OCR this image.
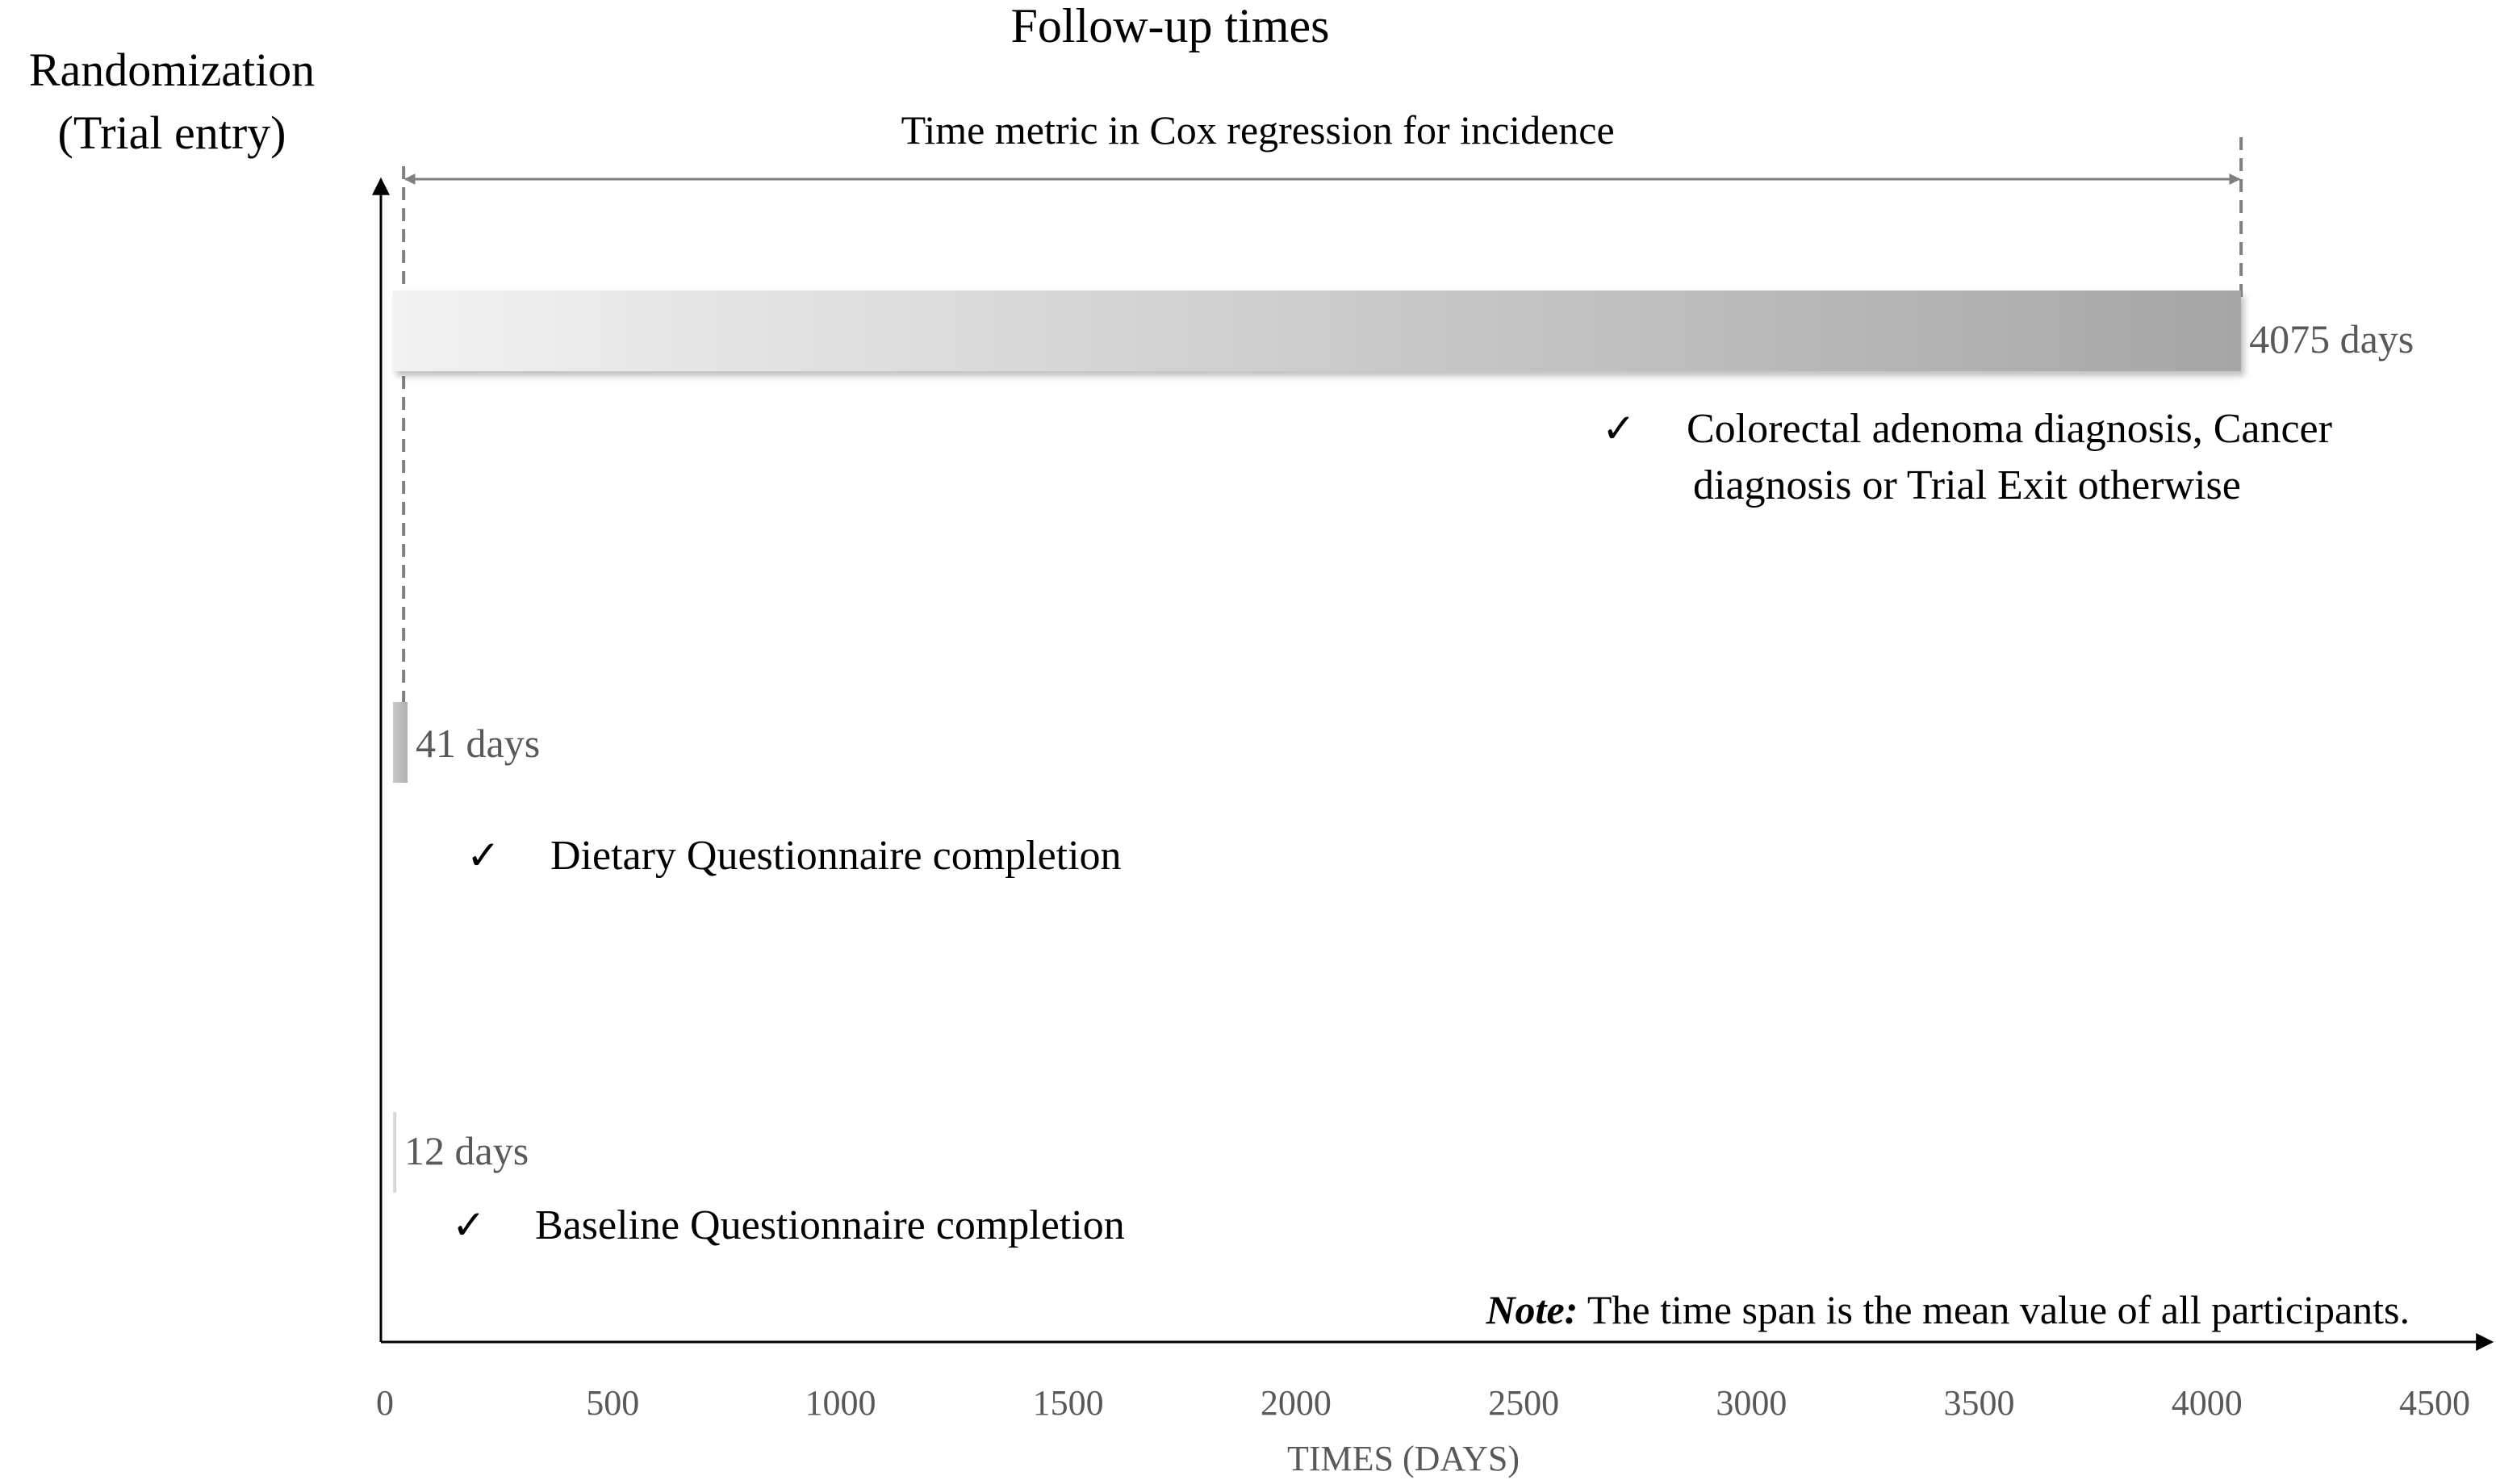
Follow-up times
Randomization
(Trial entry)
0	500	1000	1500	2000	2500	3000	3500	4000	4500
TIMES (DAYS)
Time metric in Cox regression for incidence
4075 days
✓ Colorectal adenoma diagnosis, Cancer
diagnosis or Trial Exit otherwise
41 days
✓ Dietary Questionnaire completion
12 days
✓ Baseline Questionnaire completion
Note: The time span is the mean value of all participants.
